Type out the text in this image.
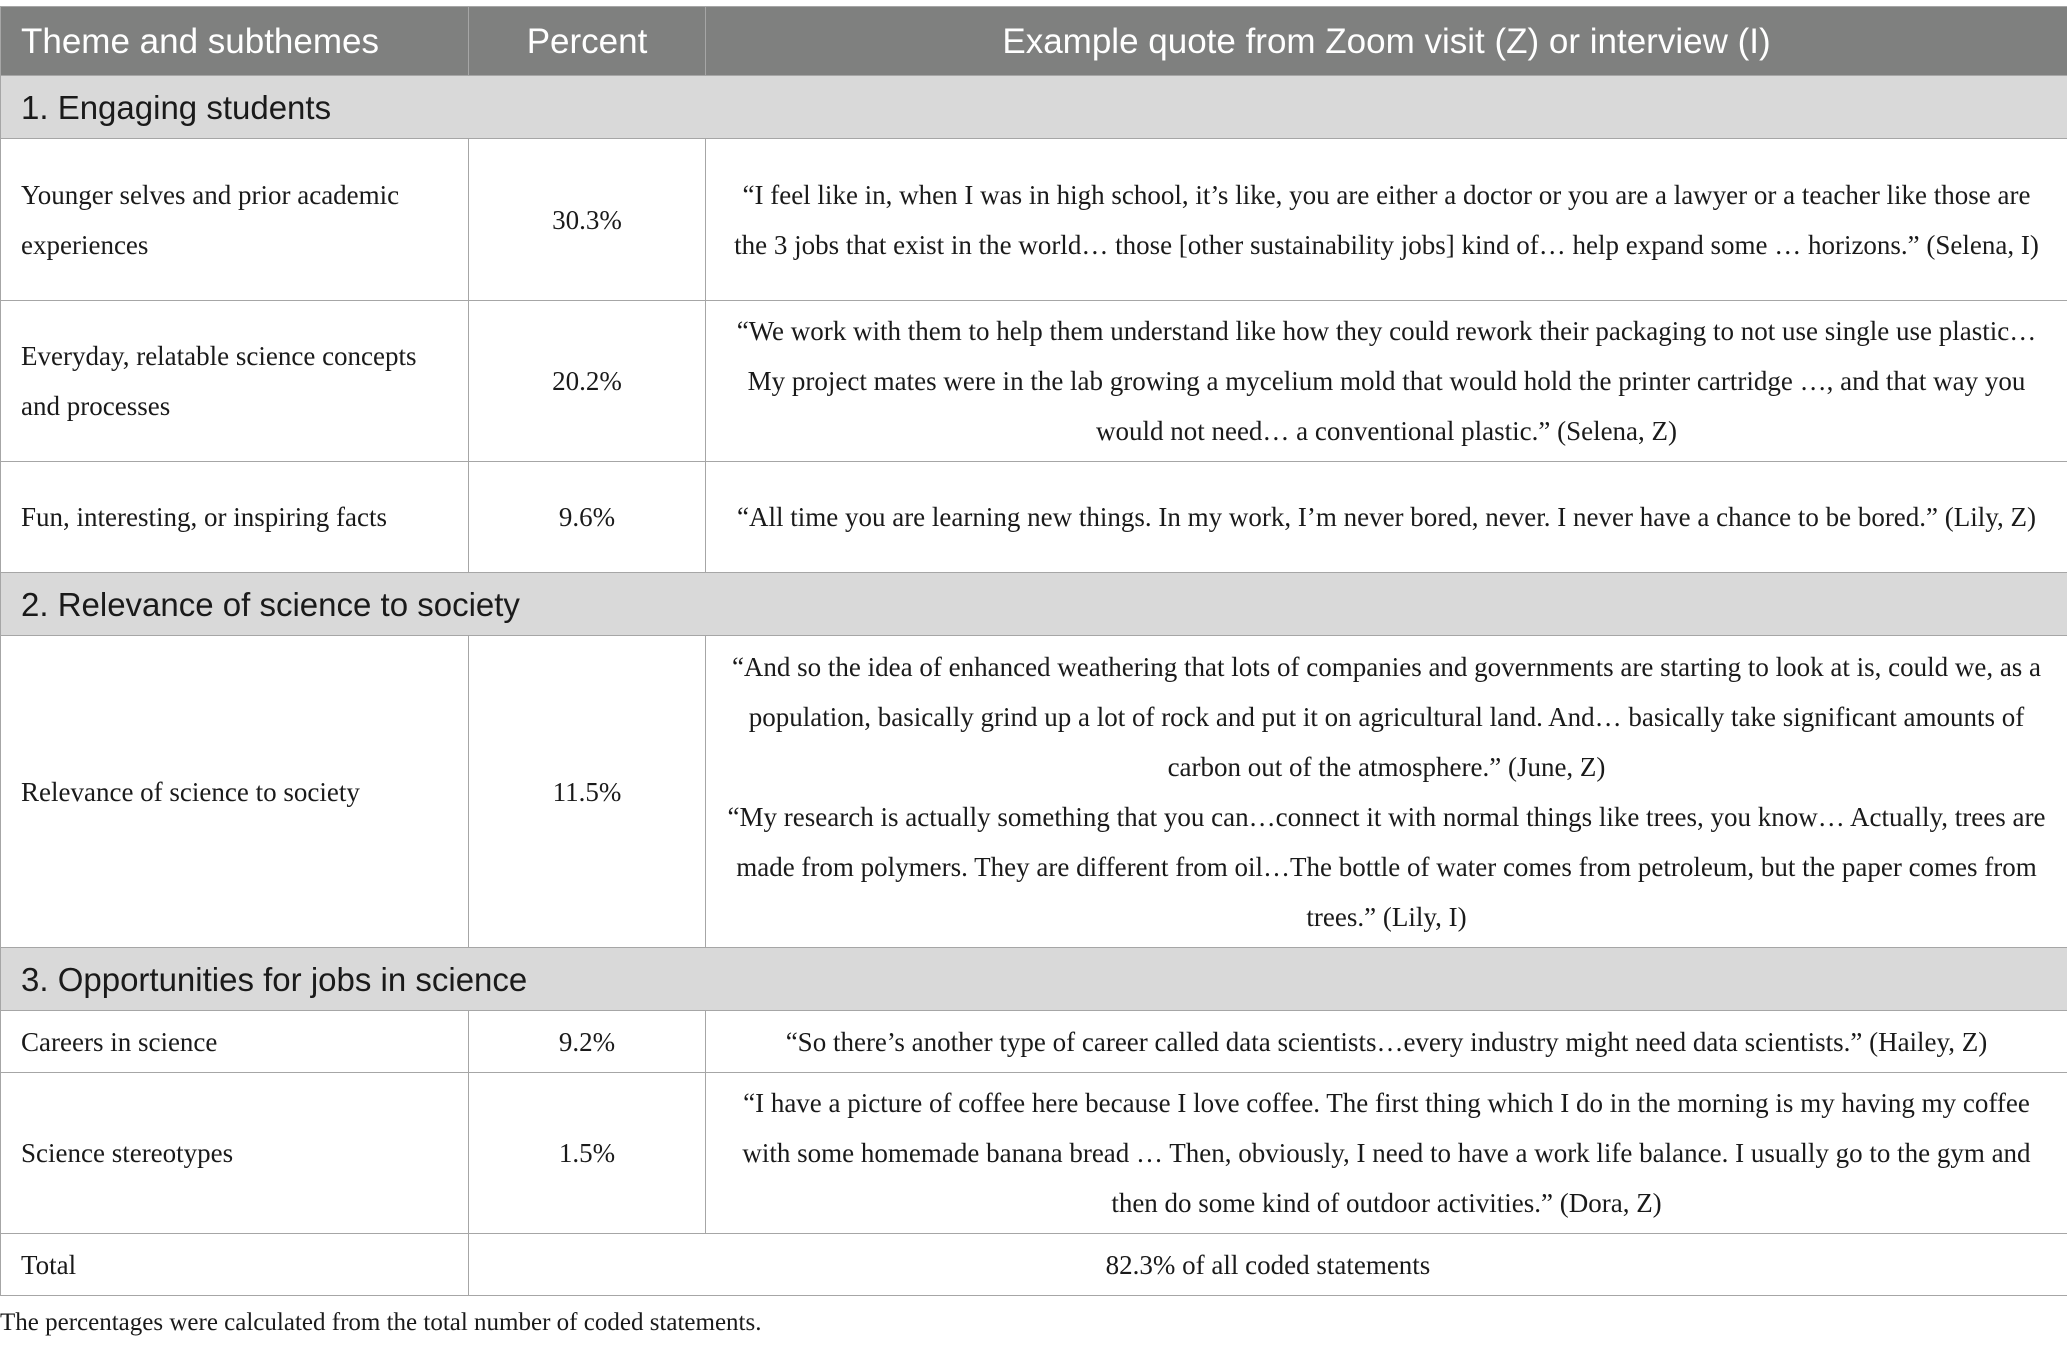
Theme and subthemes	Percent	Example quote from Zoom visit (Z) or interview (I)
1. Engaging students		
Younger selves and prior academic experiences	30.3%	“I feel like in, when I was in high school, it’s like, you are either a doctor or you are a lawyer or a teacher like those are the 3 jobs that exist in the world… those [other sustainability jobs] kind of… help expand some … horizons.” (Selena, I)

Everyday, relatable science concepts and processes	20.2%	“We work with them to help them understand like how they could rework their packaging to not use single use plastic…My project mates were in the lab growing a mycelium mold that would hold the printer cartridge …, and that way you would not need… a conventional plastic.” (Selena, Z)

Fun, interesting, or inspiring facts	9.6%	“All time you are learning new things. In my work, I’m never bored, never. I never have a chance to be bored.” (Lily, Z)

2. Relevance of science to society		
Relevance of science to society	11.5%	“And so the idea of enhanced weathering that lots of companies and governments are starting to look at is, could we, as a population, basically grind up a lot of rock and put it on agricultural land. And… basically take significant amounts of carbon out of the atmosphere.” (June, Z)
“My research is actually something that you can…connect it with normal things like trees, you know… Actually, trees are made from polymers. They are different from oil…The bottle of water comes from petroleum, but the paper comes from trees.” (Lily, I)

3. Opportunities for jobs in science		
Careers in science	9.2%	“So there’s another type of career called data scientists…every industry might need data scientists.” (Hailey, Z)

Science stereotypes	1.5%	“I have a picture of coffee here because I love coffee. The first thing which I do in the morning is my having my coffee with some homemade banana bread … Then, obviously, I need to have a work life balance. I usually go to the gym and then do some kind of outdoor activities.” (Dora, Z)

Total	82.3% of all coded statements	
The percentages were calculated from the total number of coded statements.
